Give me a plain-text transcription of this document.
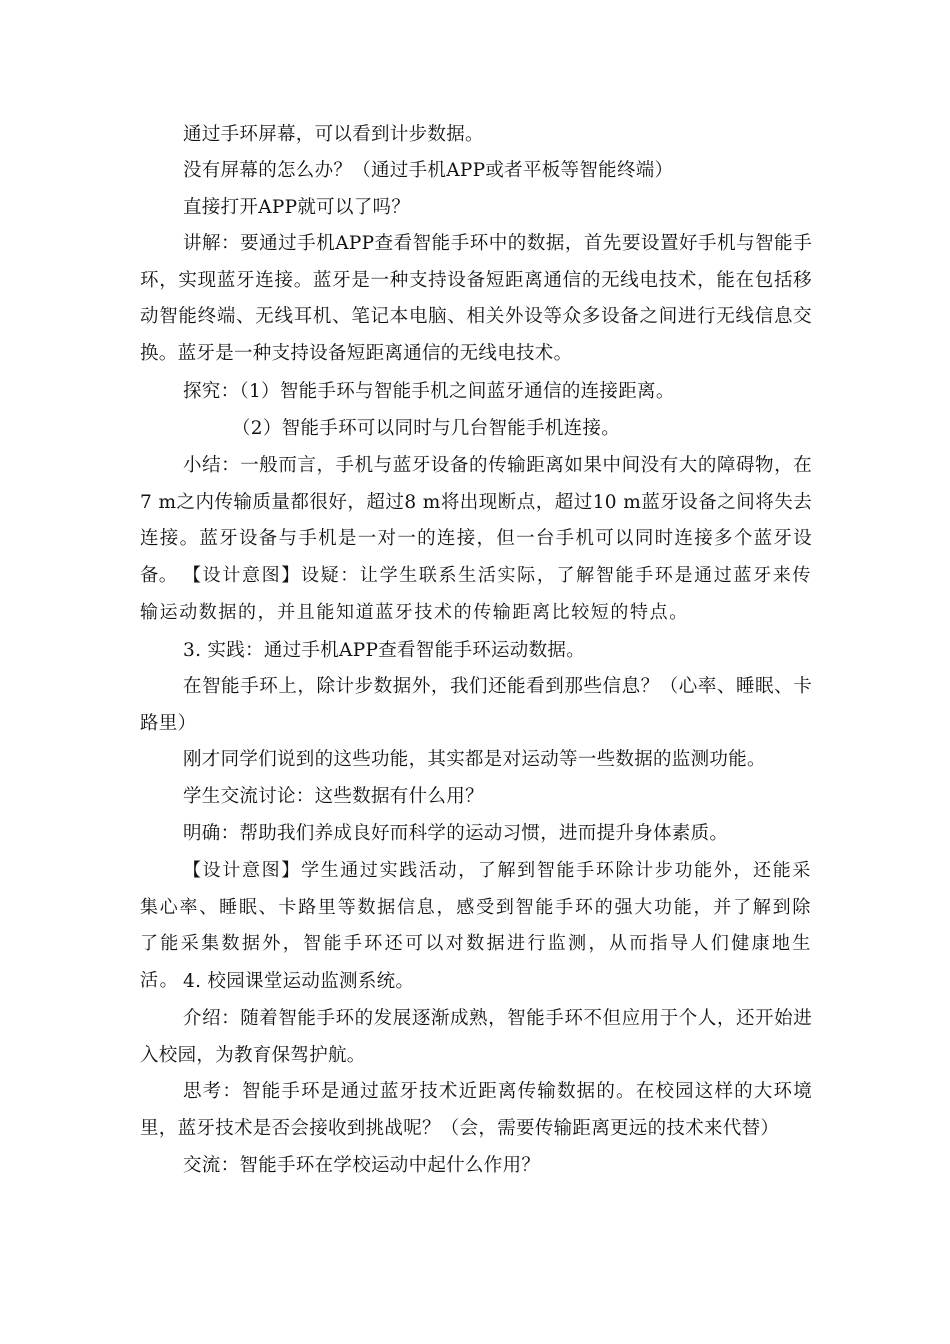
通过手环屏幕，可以看到计步数据。

没有屏幕的怎么办？（通过手机APP或者平板等智能终端）

直接打开APP就可以了吗？

讲解：要通过手机APP查看智能手环中的数据，首先要设置好手机与智能手环，实现蓝牙连接。蓝牙是一种支持设备短距离通信的无线电技术，能在包括移动智能终端、无线耳机、笔记本电脑、相关外设等众多设备之间进行无线信息交换。蓝牙是一种支持设备短距离通信的无线电技术。

探究：（1）智能手环与智能手机之间蓝牙通信的连接距离。

（2）智能手环可以同时与几台智能手机连接。

小结：一般而言，手机与蓝牙设备的传输距离如果中间没有大的障碍物，在7 m之内传输质量都很好，超过8 m将出现断点，超过10 m蓝牙设备之间将失去连接。蓝牙设备与手机是一对一的连接，但一台手机可以同时连接多个蓝牙设备。 【设计意图】设疑：让学生联系生活实际，了解智能手环是通过蓝牙来传输运动数据的，并且能知道蓝牙技术的传输距离比较短的特点。

3. 实践：通过手机APP查看智能手环运动数据。

在智能手环上，除计步数据外，我们还能看到那些信息？（心率、睡眠、卡路里）

刚才同学们说到的这些功能，其实都是对运动等一些数据的监测功能。

学生交流讨论：这些数据有什么用？

明确：帮助我们养成良好而科学的运动习惯，进而提升身体素质。

【设计意图】学生通过实践活动，了解到智能手环除计步功能外，还能采集心率、睡眠、卡路里等数据信息，感受到智能手环的强大功能，并了解到除了能采集数据外，智能手环还可以对数据进行监测，从而指导人们健康地生活。 4. 校园课堂运动监测系统。

介绍：随着智能手环的发展逐渐成熟，智能手环不但应用于个人，还开始进入校园，为教育保驾护航。

思考：智能手环是通过蓝牙技术近距离传输数据的。在校园这样的大环境里，蓝牙技术是否会接收到挑战呢？（会，需要传输距离更远的技术来代替）

交流：智能手环在学校运动中起什么作用？
